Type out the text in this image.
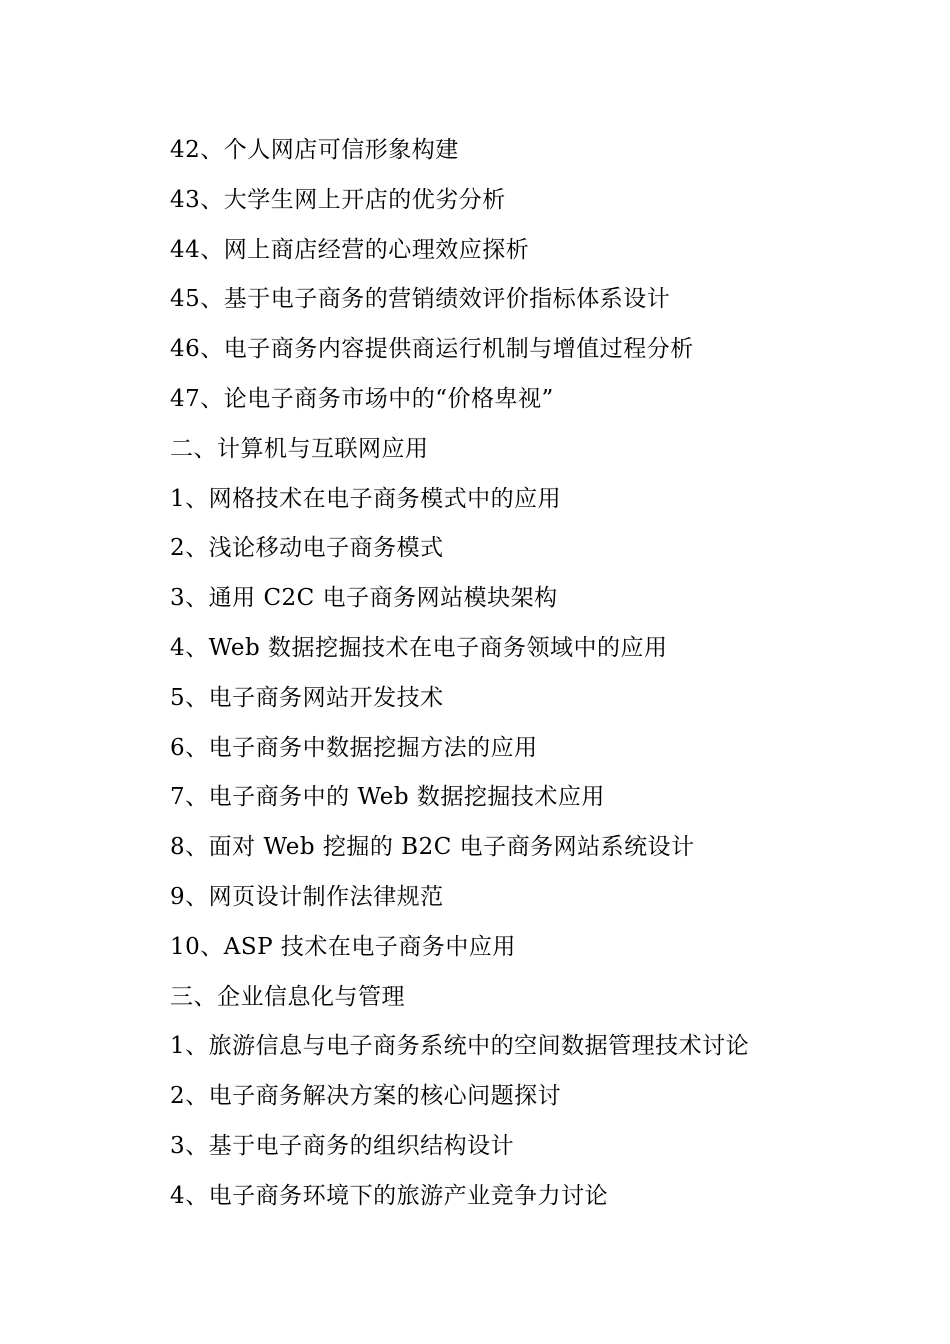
42、个人网店可信形象构建
43、大学生网上开店的优劣分析
44、网上商店经营的心理效应探析
45、基于电子商务的营销绩效评价指标体系设计
46、电子商务内容提供商运行机制与增值过程分析
47、论电子商务市场中的“价格卑视”
二、计算机与互联网应用
1、网格技术在电子商务模式中的应用
2、浅论移动电子商务模式
3、通用 C2C 电子商务网站模块架构
4、Web 数据挖掘技术在电子商务领域中的应用
5、电子商务网站开发技术
6、电子商务中数据挖掘方法的应用
7、电子商务中的 Web 数据挖掘技术应用
8、面对 Web 挖掘的 B2C 电子商务网站系统设计
9、网页设计制作法律规范
10、ASP 技术在电子商务中应用
三、企业信息化与管理
1、旅游信息与电子商务系统中的空间数据管理技术讨论
2、电子商务解决方案的核心问题探讨
3、基于电子商务的组织结构设计
4、电子商务环境下的旅游产业竞争力讨论
